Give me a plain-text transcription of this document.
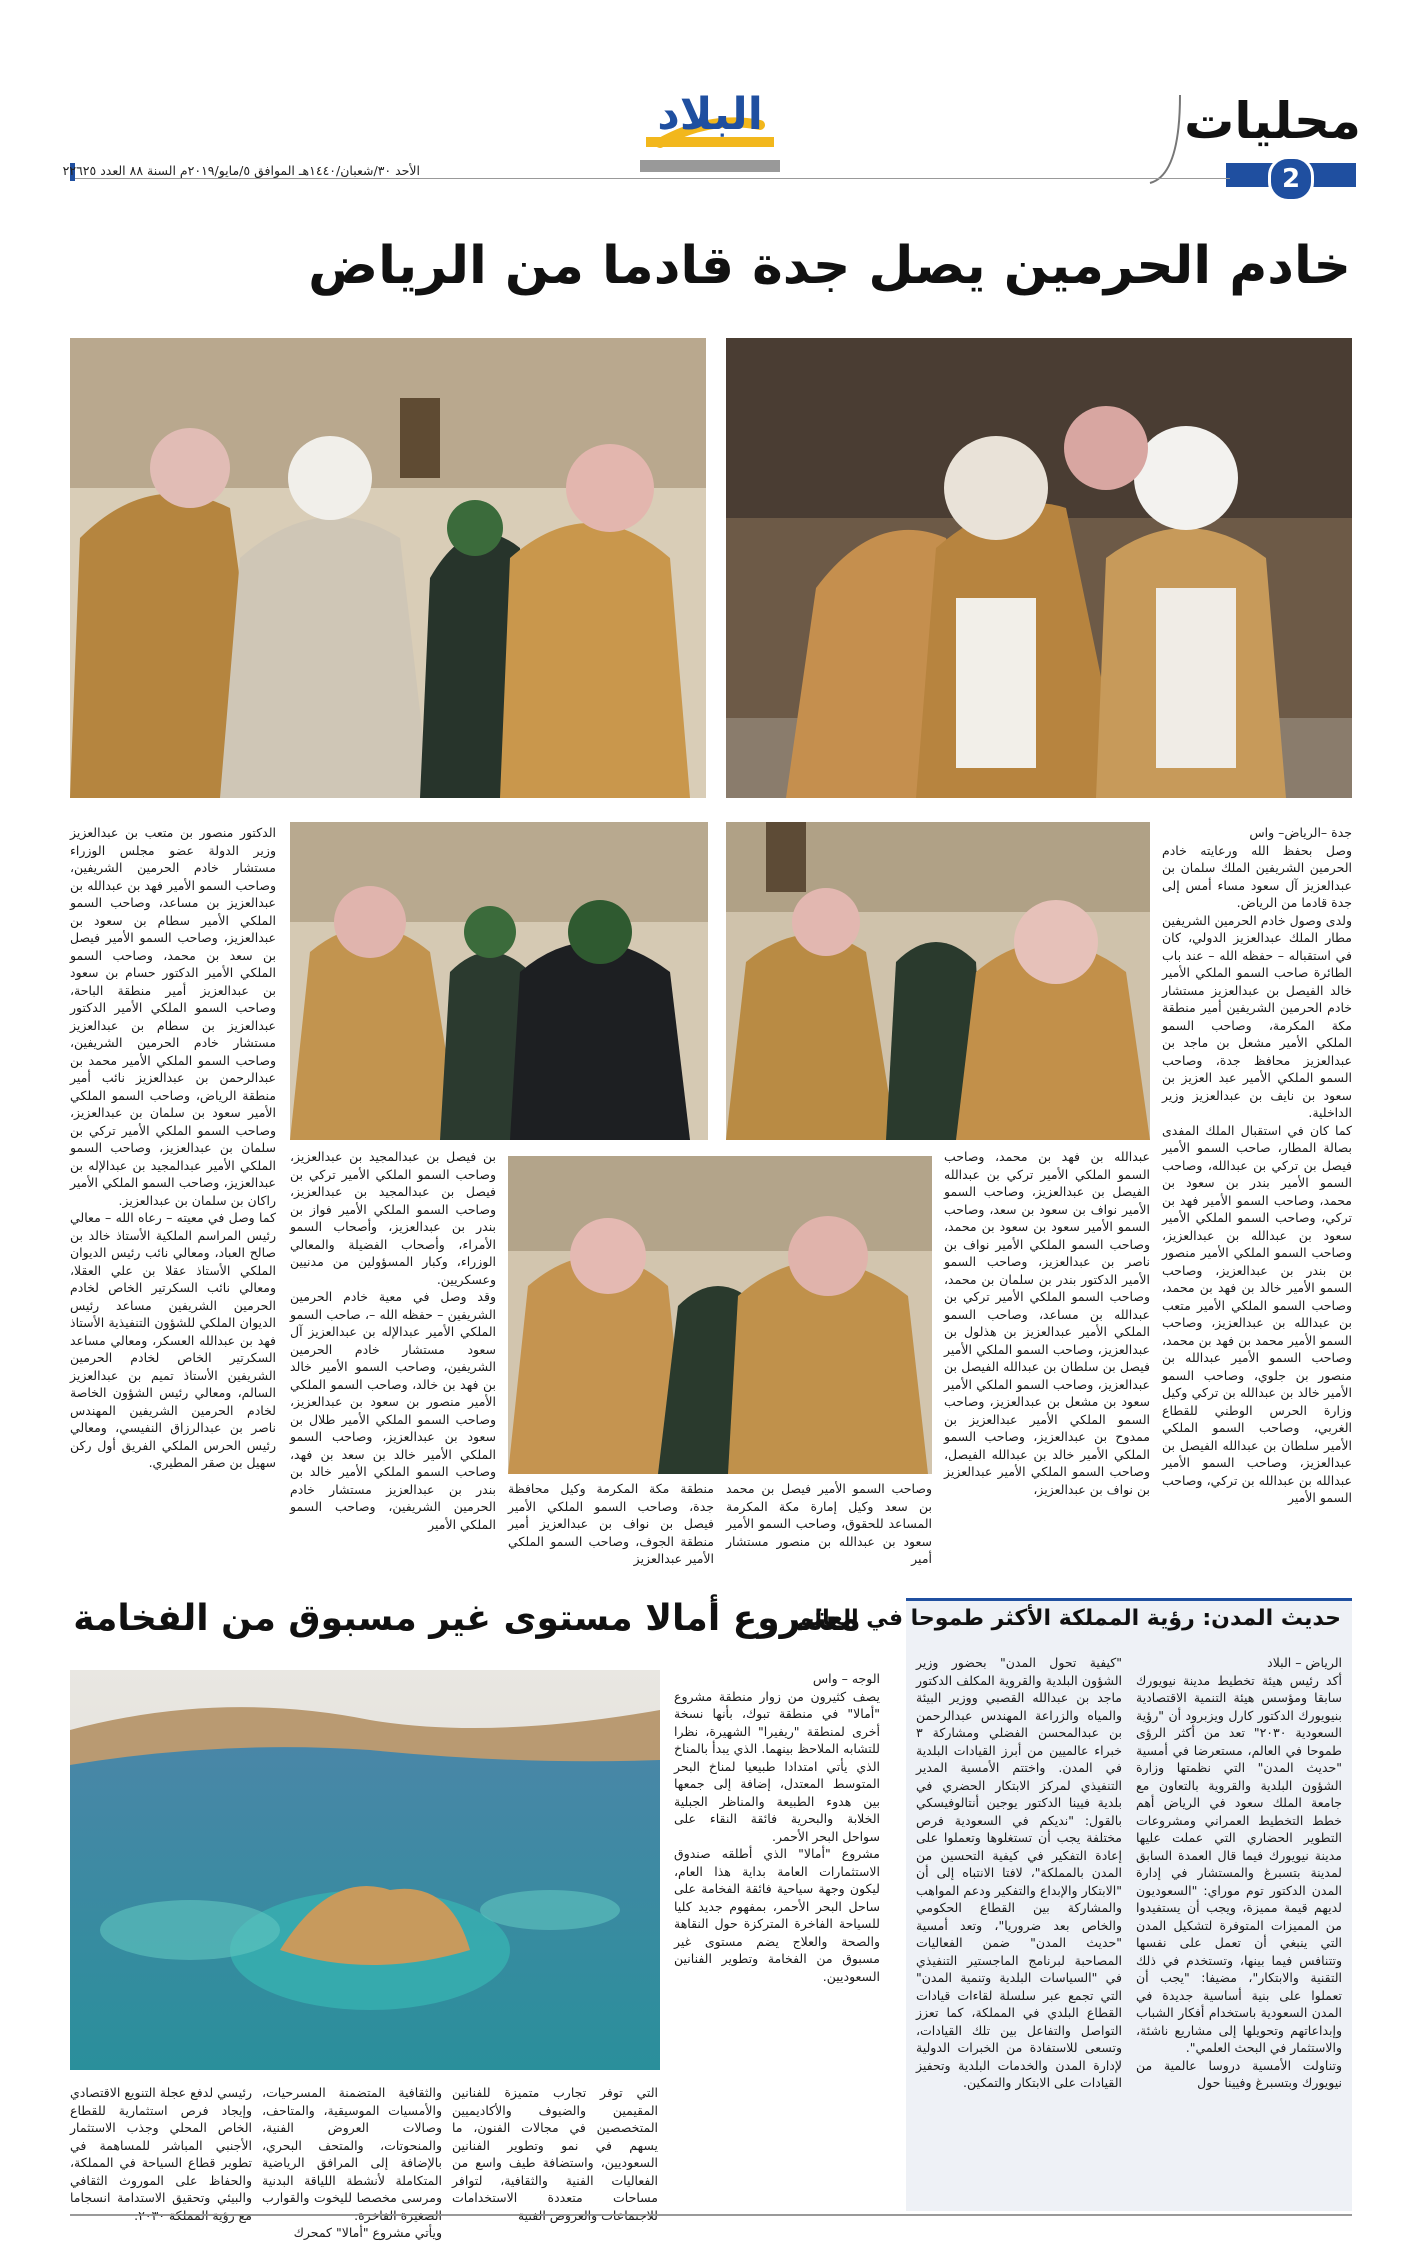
محليات
2
البلاد
الأحد ٣٠/شعبان/١٤٤٠هـ الموافق ٥/مايو/٢٠١٩م السنة ٨٨ العدد ٢٢٦٢٥
خادم الحرمين يصل جدة قادما من الرياض
جدة –الرياض– واس
وصل بحفظ الله ورعايته خادم الحرمين الشريفين الملك سلمان بن عبدالعزيز آل سعود مساء أمس إلى جدة قادما من الرياض.
ولدى وصول خادم الحرمين الشريفين مطار الملك عبدالعزيز الدولي، كان في استقباله – حفظه الله – عند باب الطائرة صاحب السمو الملكي الأمير خالد الفيصل بن عبدالعزيز مستشار خادم الحرمين الشريفين أمير منطقة مكة المكرمة، وصاحب السمو الملكي الأمير مشعل بن ماجد بن عبدالعزيز محافظ جدة، وصاحب السمو الملكي الأمير عبد العزيز بن سعود بن نايف بن عبدالعزيز وزير الداخلية.
كما كان في استقبال الملك المفدى بصالة المطار، صاحب السمو الأمير فيصل بن تركي بن عبدالله، وصاحب السمو الأمير بندر بن سعود بن محمد، وصاحب السمو الأمير فهد بن تركي، وصاحب السمو الملكي الأمير سعود بن عبدالله بن عبدالعزيز، وصاحب السمو الملكي الأمير منصور بن بندر بن عبدالعزيز، وصاحب السمو الأمير خالد بن فهد بن محمد، وصاحب السمو الملكي الأمير متعب بن عبدالله بن عبدالعزيز، وصاحب السمو الأمير محمد بن فهد بن محمد، وصاحب السمو الأمير عبدالله بن منصور بن جلوي، وصاحب السمو الأمير خالد بن عبدالله بن تركي وكيل وزارة الحرس الوطني للقطاع الغربي، وصاحب السمو الملكي الأمير سلطان بن عبدالله الفيصل بن عبدالعزيز، وصاحب السمو الأمير عبدالله بن عبدالله بن تركي، وصاحب السمو الأمير
عبدالله بن فهد بن محمد، وصاحب السمو الملكي الأمير تركي بن عبدالله الفيصل بن عبدالعزيز، وصاحب السمو الأمير نواف بن سعود بن سعد، وصاحب السمو الأمير سعود بن سعود بن محمد، وصاحب السمو الملكي الأمير نواف بن ناصر بن عبدالعزيز، وصاحب السمو الأمير الدكتور بندر بن سلمان بن محمد، وصاحب السمو الملكي الأمير تركي بن عبدالله بن مساعد، وصاحب السمو الملكي الأمير عبدالعزيز بن هذلول بن عبدالعزيز، وصاحب السمو الملكي الأمير فيصل بن سلطان بن عبدالله الفيصل بن عبدالعزيز، وصاحب السمو الملكي الأمير سعود بن مشعل بن عبدالعزيز، وصاحب السمو الملكي الأمير عبدالعزيز بن ممدوح بن عبدالعزيز، وصاحب السمو الملكي الأمير خالد بن عبدالله الفيصل، وصاحب السمو الملكي الأمير عبدالعزيز بن نواف بن عبدالعزيز،
وصاحب السمو الأمير فيصل بن محمد بن سعد وكيل إمارة مكة المكرمة المساعد للحقوق، وصاحب السمو الأمير سعود بن عبدالله بن منصور مستشار أمير
منطقة مكة المكرمة وكيل محافظة جدة، وصاحب السمو الملكي الأمير فيصل بن نواف بن عبدالعزيز أمير منطقة الجوف، وصاحب السمو الملكي الأمير عبدالعزيز
بن فيصل بن عبدالمجيد بن عبدالعزيز، وصاحب السمو الملكي الأمير تركي بن فيصل بن عبدالمجيد بن عبدالعزيز، وصاحب السمو الملكي الأمير فواز بن بندر بن عبدالعزيز، وأصحاب السمو الأمراء، وأصحاب الفضيلة والمعالي الوزراء، وكبار المسؤولين من مدنيين وعسكريين.
وقد وصل في معية خادم الحرمين الشريفين – حفظه الله –، صاحب السمو الملكي الأمير عبدالإله بن عبدالعزيز آل سعود مستشار خادم الحرمين الشريفين، وصاحب السمو الأمير خالد بن فهد بن خالد، وصاحب السمو الملكي الأمير منصور بن سعود بن عبدالعزيز، وصاحب السمو الملكي الأمير طلال بن سعود بن عبدالعزيز، وصاحب السمو الملكي الأمير خالد بن سعد بن فهد، وصاحب السمو الملكي الأمير خالد بن بندر بن عبدالعزيز مستشار خادم الحرمين الشريفين، وصاحب السمو الملكي الأمير
الدكتور منصور بن متعب بن عبدالعزيز وزير الدولة عضو مجلس الوزراء مستشار خادم الحرمين الشريفين، وصاحب السمو الأمير فهد بن عبدالله بن عبدالعزيز بن مساعد، وصاحب السمو الملكي الأمير سطام بن سعود بن عبدالعزيز، وصاحب السمو الأمير فيصل بن سعد بن محمد، وصاحب السمو الملكي الأمير الدكتور حسام بن سعود بن عبدالعزيز أمير منطقة الباحة، وصاحب السمو الملكي الأمير الدكتور عبدالعزيز بن سطام بن عبدالعزيز مستشار خادم الحرمين الشريفين، وصاحب السمو الملكي الأمير محمد بن عبدالرحمن بن عبدالعزيز نائب أمير منطقة الرياض، وصاحب السمو الملكي الأمير سعود بن سلمان بن عبدالعزيز، وصاحب السمو الملكي الأمير تركي بن سلمان بن عبدالعزيز، وصاحب السمو الملكي الأمير عبدالمجيد بن عبدالإله بن عبدالعزيز، وصاحب السمو الملكي الأمير راكان بن سلمان بن عبدالعزيز.
كما وصل في معيته – رعاه الله – معالي رئيس المراسم الملكية الأستاذ خالد بن صالح العباد، ومعالي نائب رئيس الديوان الملكي الأستاذ عقلا بن علي العقلا، ومعالي نائب السكرتير الخاص لخادم الحرمين الشريفين مساعد رئيس الديوان الملكي للشؤون التنفيذية الأستاذ فهد بن عبدالله العسكر، ومعالي مساعد السكرتير الخاص لخادم الحرمين الشريفين الأستاذ تميم بن عبدالعزيز السالم، ومعالي رئيس الشؤون الخاصة لخادم الحرمين الشريفين المهندس ناصر بن عبدالرزاق النفيسي، ومعالي رئيس الحرس الملكي الفريق أول ركن سهيل بن صقر المطيري.
حديث المدن: رؤية المملكة الأكثر طموحا في العالم
الرياض – البلاد
أكد رئيس هيئة تخطيط مدينة نيويورك سابقا ومؤسس هيئة التنمية الاقتصادية بنيويورك الدكتور كارل ويزبرود أن "رؤية السعودية ٢٠٣٠" تعد من أكثر الرؤى طموحا في العالم، مستعرضا في أمسية "حديث المدن" التي نظمتها وزارة الشؤون البلدية والقروية بالتعاون مع جامعة الملك سعود في الرياض أهم خطط التخطيط العمراني ومشروعات التطوير الحضاري التي عملت عليها مدينة نيويورك فيما قال العمدة السابق لمدينة بتسبرغ والمستشار في إدارة المدن الدكتور توم موراي: "السعوديون لديهم قيمة مميزة، ويجب أن يستفيدوا من المميزات المتوفرة لتشكيل المدن التي ينبغي أن تعمل على نفسها وتتنافس فيما بينها، وتستخدم في ذلك التقنية والابتكار"، مضيفا: "يجب أن تعملوا على بنية أساسية جديدة في المدن السعودية باستخدام أفكار الشباب وإبداعاتهم وتحويلها إلى مشاريع ناشئة، والاستثمار في البحث العلمي".
وتناولت الأمسية دروسا عالمية من نيويورك وبتسبرغ وفيينا حول
"كيفية تحول المدن" بحضور وزير الشؤون البلدية والقروية المكلف الدكتور ماجد بن عبدالله القصبي ووزير البيئة والمياه والزراعة المهندس عبدالرحمن بن عبدالمحسن الفضلي ومشاركة ٣ خبراء عالميين من أبرز القيادات البلدية في المدن. واختتم الأمسية المدير التنفيذي لمركز الابتكار الحضري في بلدية فيينا الدكتور يوجين أنتالوفيسكي بالقول: "نديكم في السعودية فرص مختلفة يجب أن تستغلوها وتعملوا على إعادة التفكير في كيفية التحسين من المدن بالمملكة"، لافتا الانتباه إلى أن "الابتكار والإبداع والتفكير ودعم المواهب والمشاركة بين القطاع الحكومي والخاص بعد ضروريا"، وتعد أمسية "حديث المدن" ضمن الفعاليات المصاحبة لبرنامج الماجستير التنفيذي في "السياسات البلدية وتنمية المدن" التي تجمع عبر سلسلة لقاءات قيادات القطاع البلدي في المملكة، كما تعزز التواصل والتفاعل بين تلك القيادات، وتسعى للاستفادة من الخبرات الدولية لإدارة المدن والخدمات البلدية وتحفيز القيادات على الابتكار والتمكين.
مشروع أمالا مستوى غير مسبوق من الفخامة
الوجه – واس
يصف كثيرون من زوار منطقة مشروع "أمالا" في منطقة تبوك، بأنها نسخة أخرى لمنطقة "ريفيرا" الشهيرة، نظرا للتشابه الملاحظ بينهما. الذي يبدأ بالمناخ الذي يأتي امتدادا طبيعيا لمناخ البحر المتوسط المعتدل، إضافة إلى جمعها بين هدوء الطبيعة والمناظر الجبلية الخلابة والبحرية فائقة النقاء على سواحل البحر الأحمر.
مشروع "أمالا" الذي أطلقه صندوق الاستثمارات العامة بداية هذا العام، ليكون وجهة سياحية فائقة الفخامة على ساحل البحر الأحمر، بمفهوم جديد كليا للسياحة الفاخرة المتركزة حول النقاهة والصحة والعلاج يضم مستوى غير مسبوق من الفخامة وتطوير الفنانين السعوديين.
التي توفر تجارب متميزة للفنانين المقيمين والضيوف والأكاديميين المتخصصين في مجالات الفنون، ما يسهم في نمو وتطوير الفنانين السعوديين، واستضافة طيف واسع من الفعاليات الفنية والثقافية، لتوافر مساحات متعددة الاستخدامات
والثقافية المتضمنة المسرحيات، والأمسيات الموسيقية، والمتاحف، وصالات العروض الفنية، والمنحوتات، والمتحف البحري، بالإضافة إلى المرافق الرياضية المتكاملة لأنشطة اللياقة البدنية ومرسى مخصصا لليخوت والقوارب
ويأتي مشروع "أمالا" كمحرك
رئيسي لدفع عجلة التنويع الاقتصادي وإيجاد فرص استثمارية للقطاع الخاص المحلي وجذب الاستثمار الأجنبي المباشر للمساهمة في تطوير قطاع السياحة في المملكة، والحفاظ على الموروث الثقافي والبيئي وتحقيق الاستدامة انسجاما
